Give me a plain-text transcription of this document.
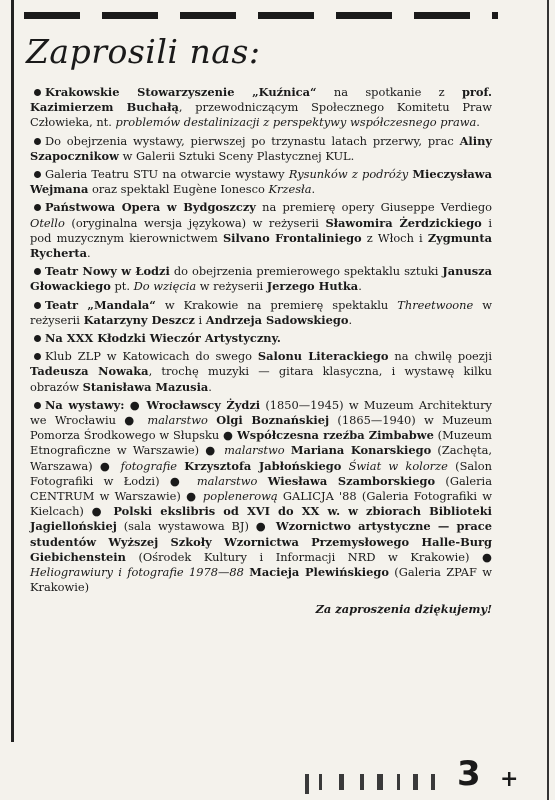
Zaprosili nas:

Krakowskie Stowarzyszenie „Kuźnica“ na spotkanie z prof. Kazimierzem Buchałą, przewodniczącym Społecznego Komitetu Praw Człowieka, nt. problemów destalinizacji z perspektywy współczesnego prawa.

Do obejrzenia wystawy, pierwszej po trzynastu latach przerwy, prac Aliny Szapocznikow w Galerii Sztuki Sceny Plastycznej KUL.

Galeria Teatru STU na otwarcie wystawy Rysunków z podróży Mieczysława Wejmana oraz spektakl Eugène Ionesco Krzesła.

Państwowa Opera w Bydgoszczy na premierę opery Giuseppe Verdiego Otello (oryginalna wersja językowa) w reżyserii Sławomira Żerdzickiego i pod muzycznym kierownictwem Silvano Frontaliniego z Włoch i Zygmunta Rycherta.

Teatr Nowy w Łodzi do obejrzenia premierowego spektaklu sztuki Janusza Głowackiego pt. Do wzięcia w reżyserii Jerzego Hutka.

Teatr „Mandala“ w Krakowie na premierę spektaklu Threetwoone w reżyserii Katarzyny Deszcz i Andrzeja Sadowskiego.

Na XXX Kłodzki Wieczór Artystyczny.

Klub ZLP w Katowicach do swego Salonu Literackiego na chwilę poezji Tadeusza Nowaka, trochę muzyki — gitara klasyczna, i wystawę kilku obrazów Stanisława Mazusia.

Na wystawy: ● Wrocławscy Żydzi (1850—1945) w Muzeum Architektury we Wrocławiu ● malarstwo Olgi Boznańskiej (1865—1940) w Muzeum Pomorza Środkowego w Słupsku ● Współczesna rzeźba Zimbabwe (Muzeum Etnograficzne w Warszawie) ● malarstwo Mariana Konarskiego (Zachęta, Warszawa) ● fotografie Krzysztofa Jabłońskiego Świat w kolorze (Salon Fotografiki w Łodzi) ● malarstwo Wiesława Szamborskiego (Galeria CENTRUM w Warszawie) ● poplenerową GALICJA '88 (Galeria Fotografiki w Kielcach) ● Polski ekslibris od XVI do XX w. w zbiorach Biblioteki Jagiellońskiej (sala wystawowa BJ) ● Wzornictwo artystyczne — prace studentów Wyższej Szkoły Wzornictwa Przemysłowego Halle-Burg Giebichenstein (Ośrodek Kultury i Informacji NRD w Krakowie) ● Heliograwiury i fotografie 1978—88 Macieja Plewińskiego (Galeria ZPAF w Krakowie)

Za zaproszenia dziękujemy!

3 +
